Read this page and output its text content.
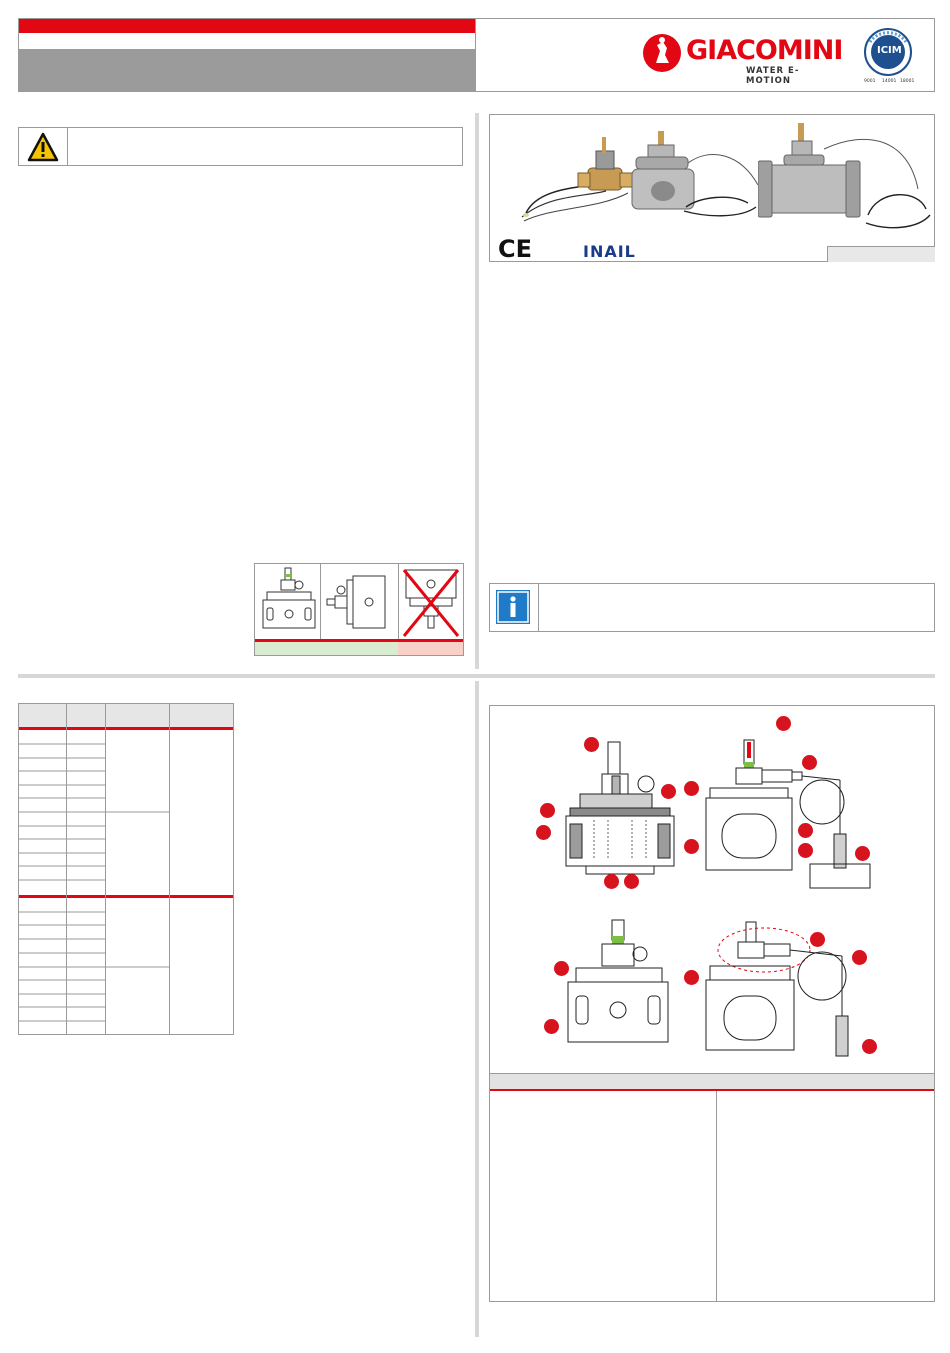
GIACOMINI
WATER E-MOTION
ICIM
9001 14001 18001
CE	INAIL
